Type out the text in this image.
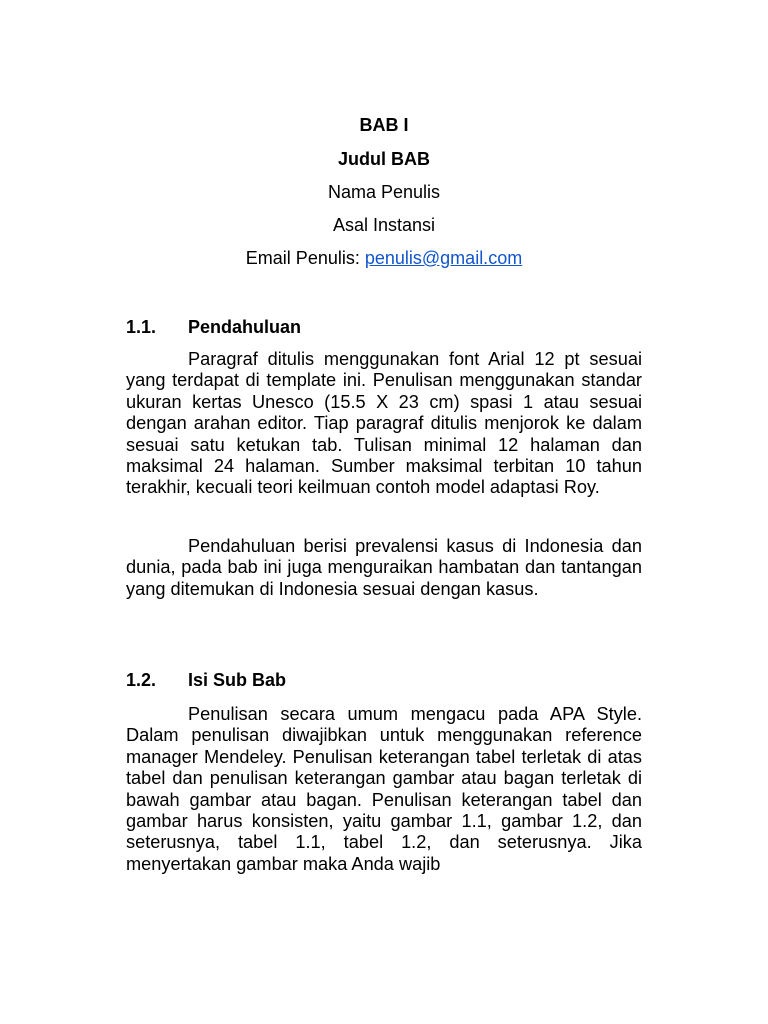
BAB I
Judul BAB
Nama Penulis
Asal Instansi
Email Penulis: penulis@gmail.com
1.1. Pendahuluan

Paragraf ditulis menggunakan font Arial 12 pt sesuai yang terdapat di template ini. Penulisan menggunakan standar ukuran kertas Unesco (15.5 X 23 cm) spasi 1 atau sesuai dengan arahan editor. Tiap paragraf ditulis menjorok ke dalam sesuai satu ketukan tab. Tulisan minimal 12 halaman dan maksimal 24 halaman. Sumber maksimal terbitan 10 tahun terakhir, kecuali teori keilmuan contoh model adaptasi Roy.

Pendahuluan berisi prevalensi kasus di Indonesia dan dunia, pada bab ini juga menguraikan hambatan dan tantangan yang ditemukan di Indonesia sesuai dengan kasus.

1.2. Isi Sub Bab

Penulisan secara umum mengacu pada APA Style. Dalam penulisan diwajibkan untuk menggunakan reference manager Mendeley. Penulisan keterangan tabel terletak di atas tabel dan penulisan keterangan gambar atau bagan terletak di bawah gambar atau bagan. Penulisan keterangan tabel dan gambar harus konsisten, yaitu gambar 1.1, gambar 1.2, dan seterusnya, tabel 1.1, tabel 1.2, dan seterusnya. Jika menyertakan gambar maka Anda wajib
